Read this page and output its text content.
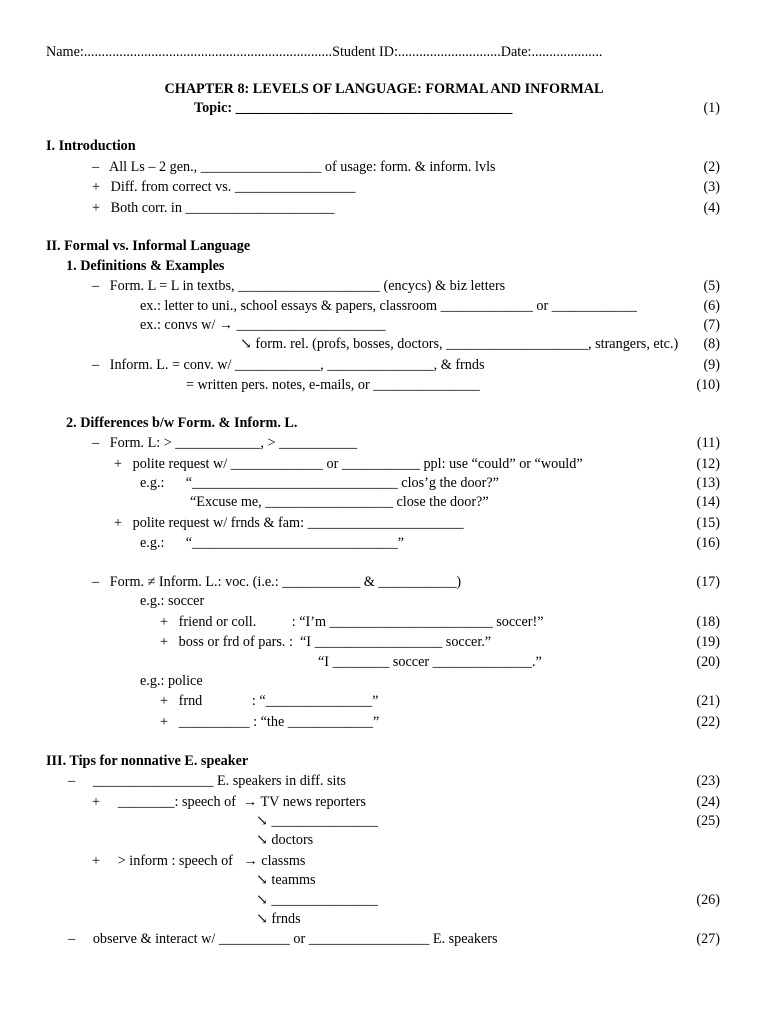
Name:......................................................................Student ID:.............................Date:....................
CHAPTER 8: LEVELS OF LANGUAGE: FORMAL AND INFORMAL
Topic: _______________________________________	(1)
I. Introduction
–   All Ls – 2 gen., _________________ of usage: form. & inform. lvls	(2)
+   Diff. from correct vs. _________________	(3)
+   Both corr. in _____________________	(4)
II. Formal vs. Informal Language
1. Definitions & Examples
–   Form. L = L in textbs, ____________________ (encycs) & biz letters	(5)
ex.: letter to uni., school essays & papers, classroom _____________ or ____________	(6)
ex.: convs w/ → _____________________	(7)
↘ form. rel. (profs, bosses, doctors, ____________________, strangers, etc.) (8)
–   Inform. L. = conv. w/ ____________, _______________, & frnds	(9)
= written pers. notes, e-mails, or _______________	(10)
2. Differences b/w Form. & Inform. L.
–   Form. L: > ____________, > ___________	(11)
+   polite request w/ _____________ or ___________ ppl: use “could” or “would”	(12)
e.g.:      “_____________________________ clos’g the door?”	(13)
“Excuse me, __________________ close the door?”	(14)
+   polite request w/ frnds & fam: ______________________	(15)
e.g.:      “_____________________________”	(16)
–   Form. ≠ Inform. L.: voc. (i.e.: ___________ & ___________)	(17)
e.g.: soccer
+   friend or coll.          : “I’m _______________________ soccer!”	(18)
+   boss or frd of pars. :  “I __________________ soccer.”	(19)
“I ________ soccer ______________.”	(20)
e.g.: police
+   frnd              : “_______________”	(21)
+   __________ : “the ____________”	(22)
III. Tips for nonnative E. speaker
–     _________________ E. speakers in diff. sits	(23)
+     ________: speech of  → TV news reporters	(24)
↘ _______________	(25)
↘ doctors
+     > inform : speech of   → classms
↘ teamms
↘ _______________	(26)
↘ frnds
–     observe & interact w/ __________ or _________________ E. speakers	(27)
